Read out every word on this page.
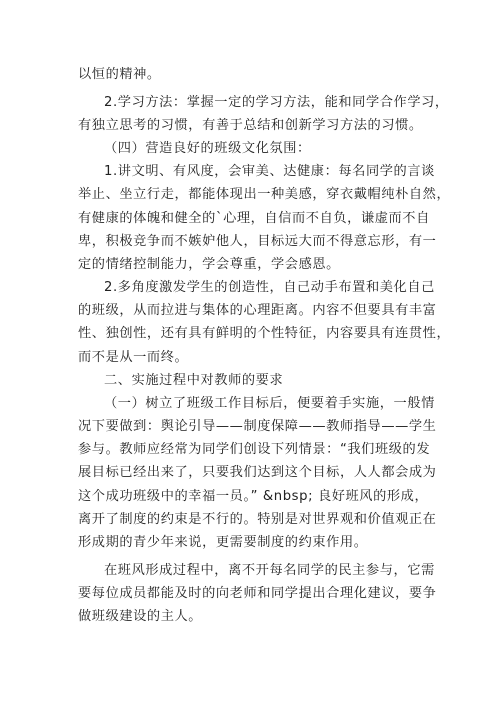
以恒的精神。
2.学习方法：掌握一定的学习方法，能和同学合作学习，
有独立思考的习惯，有善于总结和创新学习方法的习惯。
（四）营造良好的班级文化氛围：
1.讲文明、有风度，会审美、达健康：每名同学的言谈
举止、坐立行走，都能体现出一种美感，穿衣戴帽纯朴自然，
有健康的体魄和健全的`心理，自信而不自负，谦虚而不自
卑，积极竞争而不嫉妒他人，目标远大而不得意忘形，有一
定的情绪控制能力，学会尊重，学会感恩。
2.多角度激发学生的创造性，自己动手布置和美化自己
的班级，从而拉进与集体的心理距离。内容不但要具有丰富
性、独创性，还有具有鲜明的个性特征，内容要具有连贯性，
而不是从一而终。
二、实施过程中对教师的要求
（一）树立了班级工作目标后，便要着手实施，一般情
况下要做到：舆论引导——制度保障——教师指导——学生
参与。教师应经常为同学们创设下列情景：“我们班级的发
展目标已经出来了，只要我们达到这个目标，人人都会成为
这个成功班级中的幸福一员。” &nbsp; 良好班风的形成，
离开了制度的约束是不行的。特别是对世界观和价值观正在
形成期的青少年来说，更需要制度的约束作用。
在班风形成过程中，离不开每名同学的民主参与，它需
要每位成员都能及时的向老师和同学提出合理化建议，要争
做班级建设的主人。
